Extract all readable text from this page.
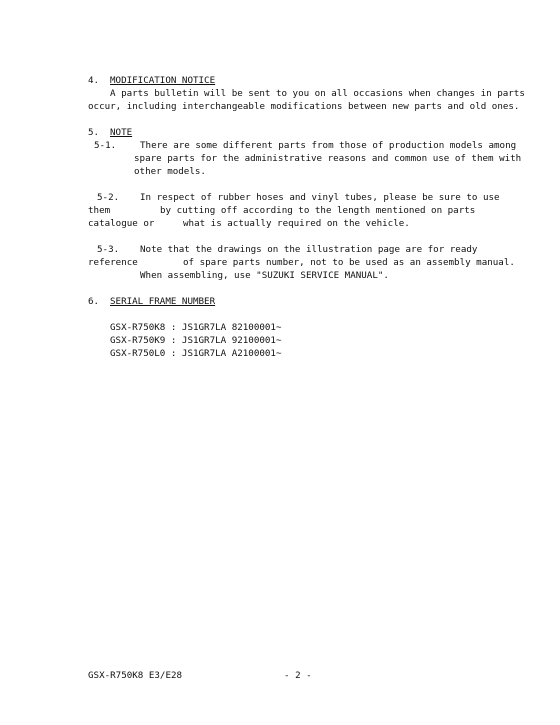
4. MODIFICATION NOTICE
A parts bulletin will be sent to you on all occasions when changes in parts
occur, including interchangeable modifications between new parts and old ones.
5. NOTE
5-1.	There are some different parts from those of production models among
spare parts for the administrative reasons and common use of them with
other models.
5-2. In respect of rubber hoses and vinyl tubes, please be sure to use
them	by cutting off according to the length mentioned on parts
catalogue or	what is actually required on the vehicle.
5-3. Note that the drawings on the illustration page are for ready
reference	of spare parts number, not to be used as an assembly manual.
When assembling, use "SUZUKI SERVICE MANUAL".
6. SERIAL FRAME NUMBER
GSX-R750K8 : JS1GR7LA 82100001~
GSX-R750K9 : JS1GR7LA 92100001~
GSX-R750L0 : JS1GR7LA A2100001~
GSX-R750K8 E3/E28	- 2 -
